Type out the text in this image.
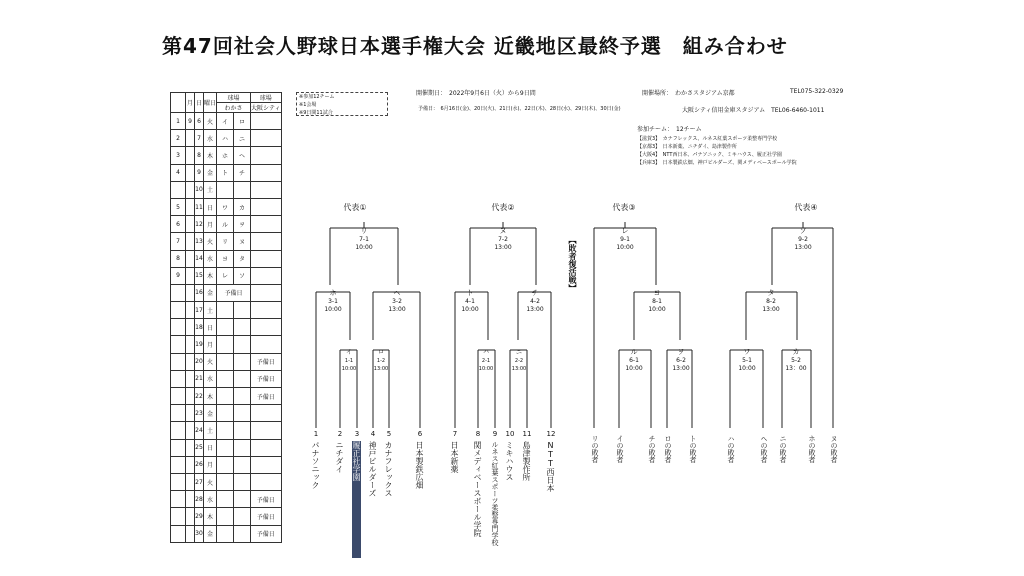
第47回社会人野球日本選手権大会 近畿地区最終予選　組み合わせ
	月	日	曜日	球場		球場
				わかさ		大阪シティ
1	9	6	火	イ	ロ	
2		7	水	ハ	ニ	
3		8	木	ホ	ヘ	
4		9	金	ト	チ	
		10	土			
5		11	日	ワ	カ	
6		12	月	ル	ヲ	
7		13	火	リ	ヌ	
8		14	水	ヨ	タ	
9		15	木	レ	ソ	
		16	金	予備日		
		17	土			
		18	日			
		19	月			
		20	火			予備日
		21	水			予備日
		22	木			予備日
		23	金			
		24	土			
		25	日			
		26	月			
		27	火			
		28	水			予備日
		29	木			予備日
		30	金			予備日
※参加12チーム
※1会場
※9日間11試合
開催期日：　2022年9月6日（火）から9日間
予備日：　6月16日(金)、20日(火)、21日(水)、22日(木)、28日(水)、29日(木)、30日(金)
開催場所：　わかさスタジアム京都	TEL075-322-0329
大阪シティ信用金庫スタジアム　TEL06-6460-1011
参加チーム：　12チーム
【滋賀3】　カナフレックス、ルネス紅葉スポーツ柔整専門学校
【京都3】　日本新薬、ニチダイ、島津製作所
【大阪4】　NTT西日本、パナソニック、ミキハウス、履正社学園
【兵庫3】　日本製鉄広畑、神戸ビルダーズ、関メディベースボール学院
代表①	代表②	代表③	代表④
リ
7-1
10:00
ホ
3-1
10:00
ヘ
3-2
13:00
イ
1-1
10:00
ロ
1-2
13:00
ヌ
7-2
13:00
ト
4-1
10:00
チ
4-2
13:00
ハ
2-1
10:00
ニ
2-2
13:00
レ
9-1
10:00
ヨ
8-1
10:00
ル
6-1
10:00
ヲ
6-2
13:00
ソ
9-2
13:00
タ
8-2
13:00
ワ
5-1
10:00
カ
5-2
13：00
1	2 3 4 5	6	7	8 9 10 11 12
【敗者復活戦】
パナソニック ニチダイ 履正社学園 神戸ビルダーズ カナフレックス	日本製鉄広畑	日本新薬 関メディベースボール学院 ルネス紅葉スポーツ柔整専門学校 ミキハウス 島津製作所 NTT西日本	リの敗者 イの敗者	チの敗者 ロの敗者 トの敗者	ハの敗者	ヘの敗者 ニの敗者	ホの敗者 ヌの敗者
